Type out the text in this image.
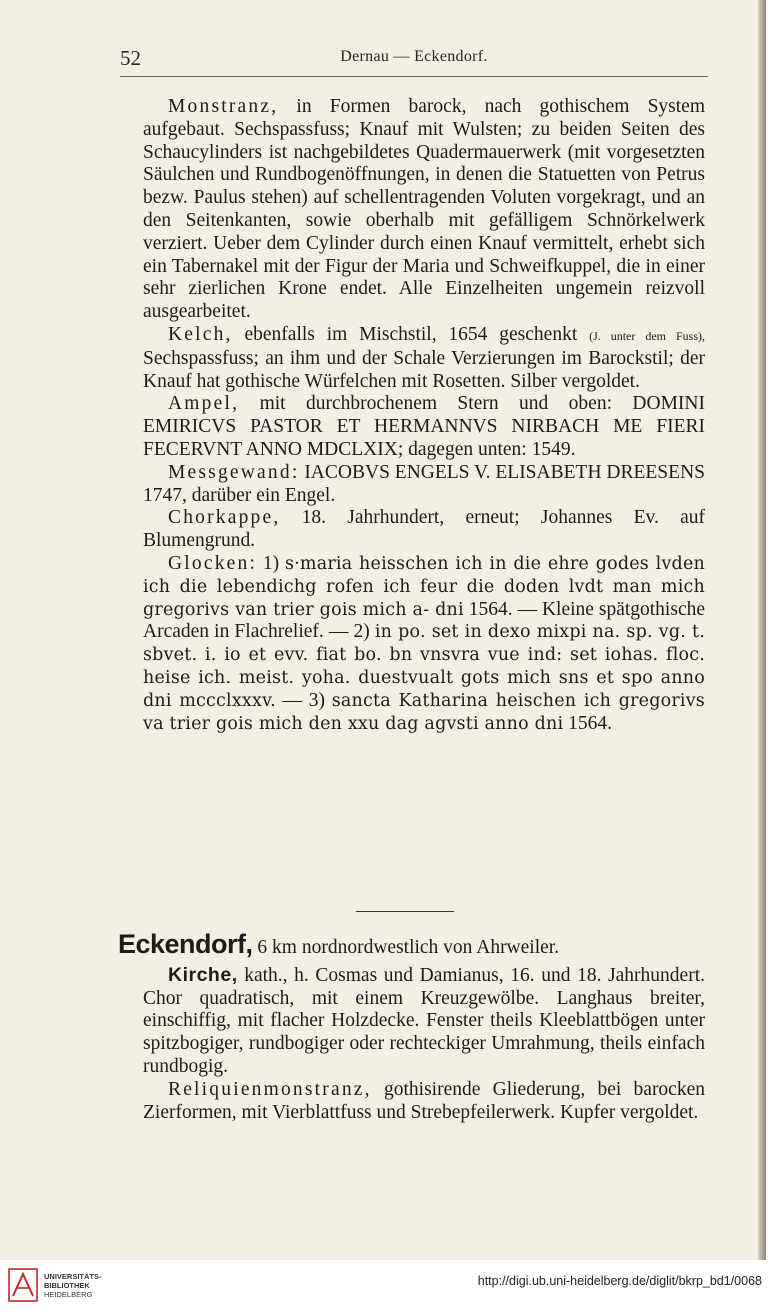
52	Dernau — Eckendorf.

Monstranz, in Formen barock, nach gothischem System aufgebaut. Sechspassfuss; Knauf mit Wulsten; zu beiden Seiten des Schaucylinders ist nachgebildetes Quadermauerwerk (mit vorgesetzten Säulchen und Rundbogenöffnungen, in denen die Statuetten von Petrus bezw. Paulus stehen) auf schellentragenden Voluten vorgekragt, und an den Seitenkanten, sowie oberhalb mit gefälligem Schnörkelwerk verziert. Ueber dem Cylinder durch einen Knauf vermittelt, erhebt sich ein Tabernakel mit der Figur der Maria und Schweifkuppel, die in einer sehr zierlichen Krone endet. Alle Einzelheiten ungemein reizvoll ausgearbeitet.

Kelch, ebenfalls im Mischstil, 1654 geschenkt (J. unter dem Fuss), Sechspassfuss; an ihm und der Schale Verzierungen im Barockstil; der Knauf hat gothische Würfelchen mit Rosetten. Silber vergoldet.

Ampel, mit durchbrochenem Stern und oben: DOMINI EMIRICVS PASTOR ET HERMANNVS NIRBACH ME FIERI FECERVNT ANNO MDCLXIX; dagegen unten: 1549.

Messgewand: IACOBVS ENGELS V. ELISABETH DREESENS 1747, darüber ein Engel.

Chorkappe, 18. Jahrhundert, erneut; Johannes Ev. auf Blumengrund.

Glocken: 1) s·maria heisschen ich in die ehre godes lvden ich die lebendichg rofen ich feur die doden lvdt man mich gregorivs van trier gois mich a- dni 1564. — Kleine spätgothische Arcaden in Flachrelief. — 2) in po. set in dexo mixpi na. sp. vg. t. sbvet. i. io et evv. fiat bo. bn vnsvra vue ind: set iohas. floc. heise ich. meist. yoha. duestvualt gots mich sns et spo anno dni mccclxxxv. — 3) sancta Katharina heischen ich gregorivs va trier gois mich den xxu dag agvsti anno dni 1564.

Eckendorf, 6 km nordnordwestlich von Ahrweiler.

Kirche, kath., h. Cosmas und Damianus, 16. und 18. Jahrhundert. Chor quadratisch, mit einem Kreuzgewölbe. Langhaus breiter, einschiffig, mit flacher Holzdecke. Fenster theils Kleeblattbögen unter spitzbogiger, rundbogiger oder rechteckiger Umrahmung, theils einfach rundbogig.

Reliquienmonstranz, gothisirende Gliederung, bei barocken Zierformen, mit Vierblattfuss und Strebepfeilerwerk. Kupfer vergoldet.

UNIVERSITÄTS-
BIBLIOTHEK
HEIDELBERG
http://digi.ub.uni-heidelberg.de/diglit/bkrp_bd1/0068
